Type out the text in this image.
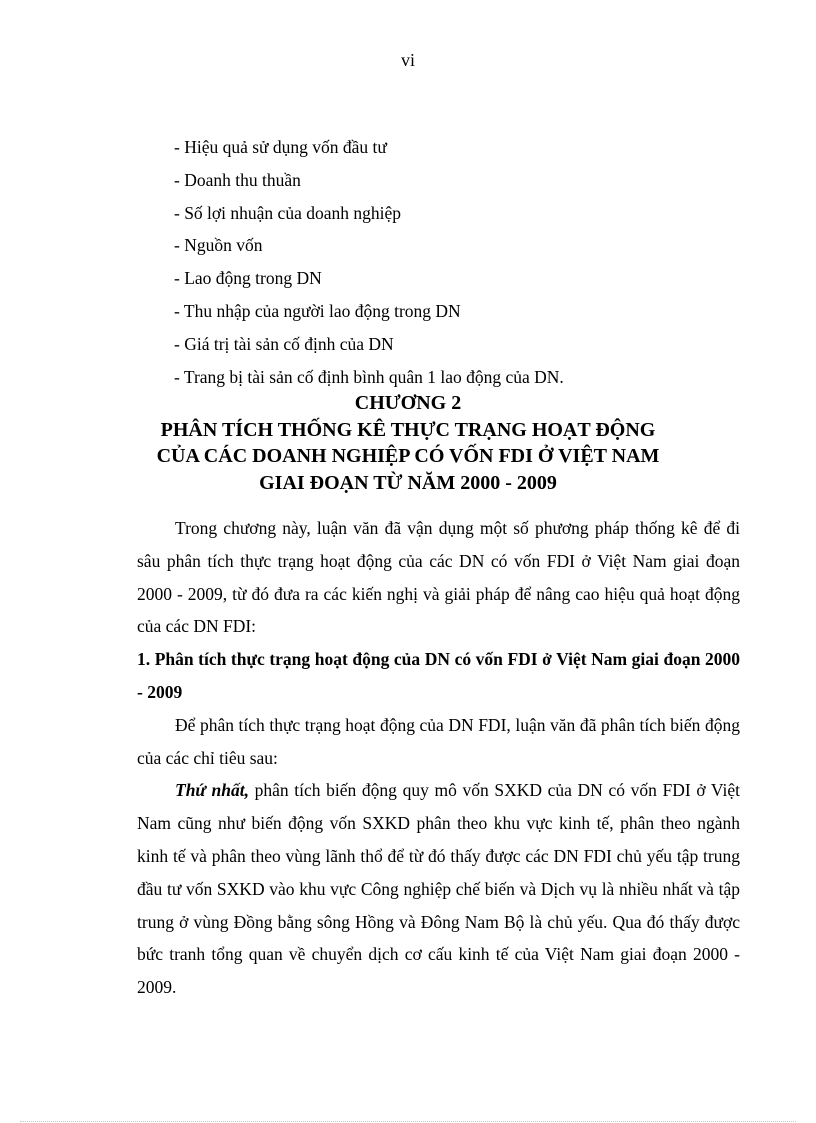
vi
- Hiệu quả sử dụng vốn đầu tư
- Doanh thu thuần
- Số lợi nhuận của doanh nghiệp
- Nguồn vốn
- Lao động trong DN
- Thu nhập của người lao động trong DN
- Giá trị tài sản cố định của DN
- Trang bị tài sản cố định bình quân 1 lao động của DN.
CHƯƠNG 2
PHÂN TÍCH THỐNG KÊ THỰC TRẠNG HOẠT ĐỘNG
CỦA CÁC DOANH NGHIỆP CÓ VỐN FDI Ở VIỆT NAM
GIAI ĐOẠN TỪ NĂM 2000 - 2009

Trong chương này, luận văn đã vận dụng một số phương pháp thống kê để đi sâu phân tích thực trạng hoạt động của các DN có vốn FDI ở Việt Nam giai đoạn 2000 - 2009, từ đó đưa ra các kiến nghị và giải pháp để nâng cao hiệu quả hoạt động của các DN FDI:

1. Phân tích thực trạng hoạt động của DN có vốn FDI ở Việt Nam giai đoạn 2000 - 2009

Để phân tích thực trạng hoạt động của DN FDI, luận văn đã phân tích biến động của các chỉ tiêu sau:

Thứ nhất, phân tích biến động quy mô vốn SXKD của DN có vốn FDI ở Việt Nam cũng như biến động vốn SXKD phân theo khu vực kinh tế, phân theo ngành kinh tế và phân theo vùng lãnh thổ để từ đó thấy được các DN FDI chủ yếu tập trung đầu tư vốn SXKD vào khu vực Công nghiệp chế biến và Dịch vụ là nhiều nhất và tập trung ở vùng Đồng bằng sông Hồng và Đông Nam Bộ là chủ yếu. Qua đó thấy được bức tranh tổng quan về chuyển dịch cơ cấu kinh tế của Việt Nam giai đoạn 2000 - 2009.
